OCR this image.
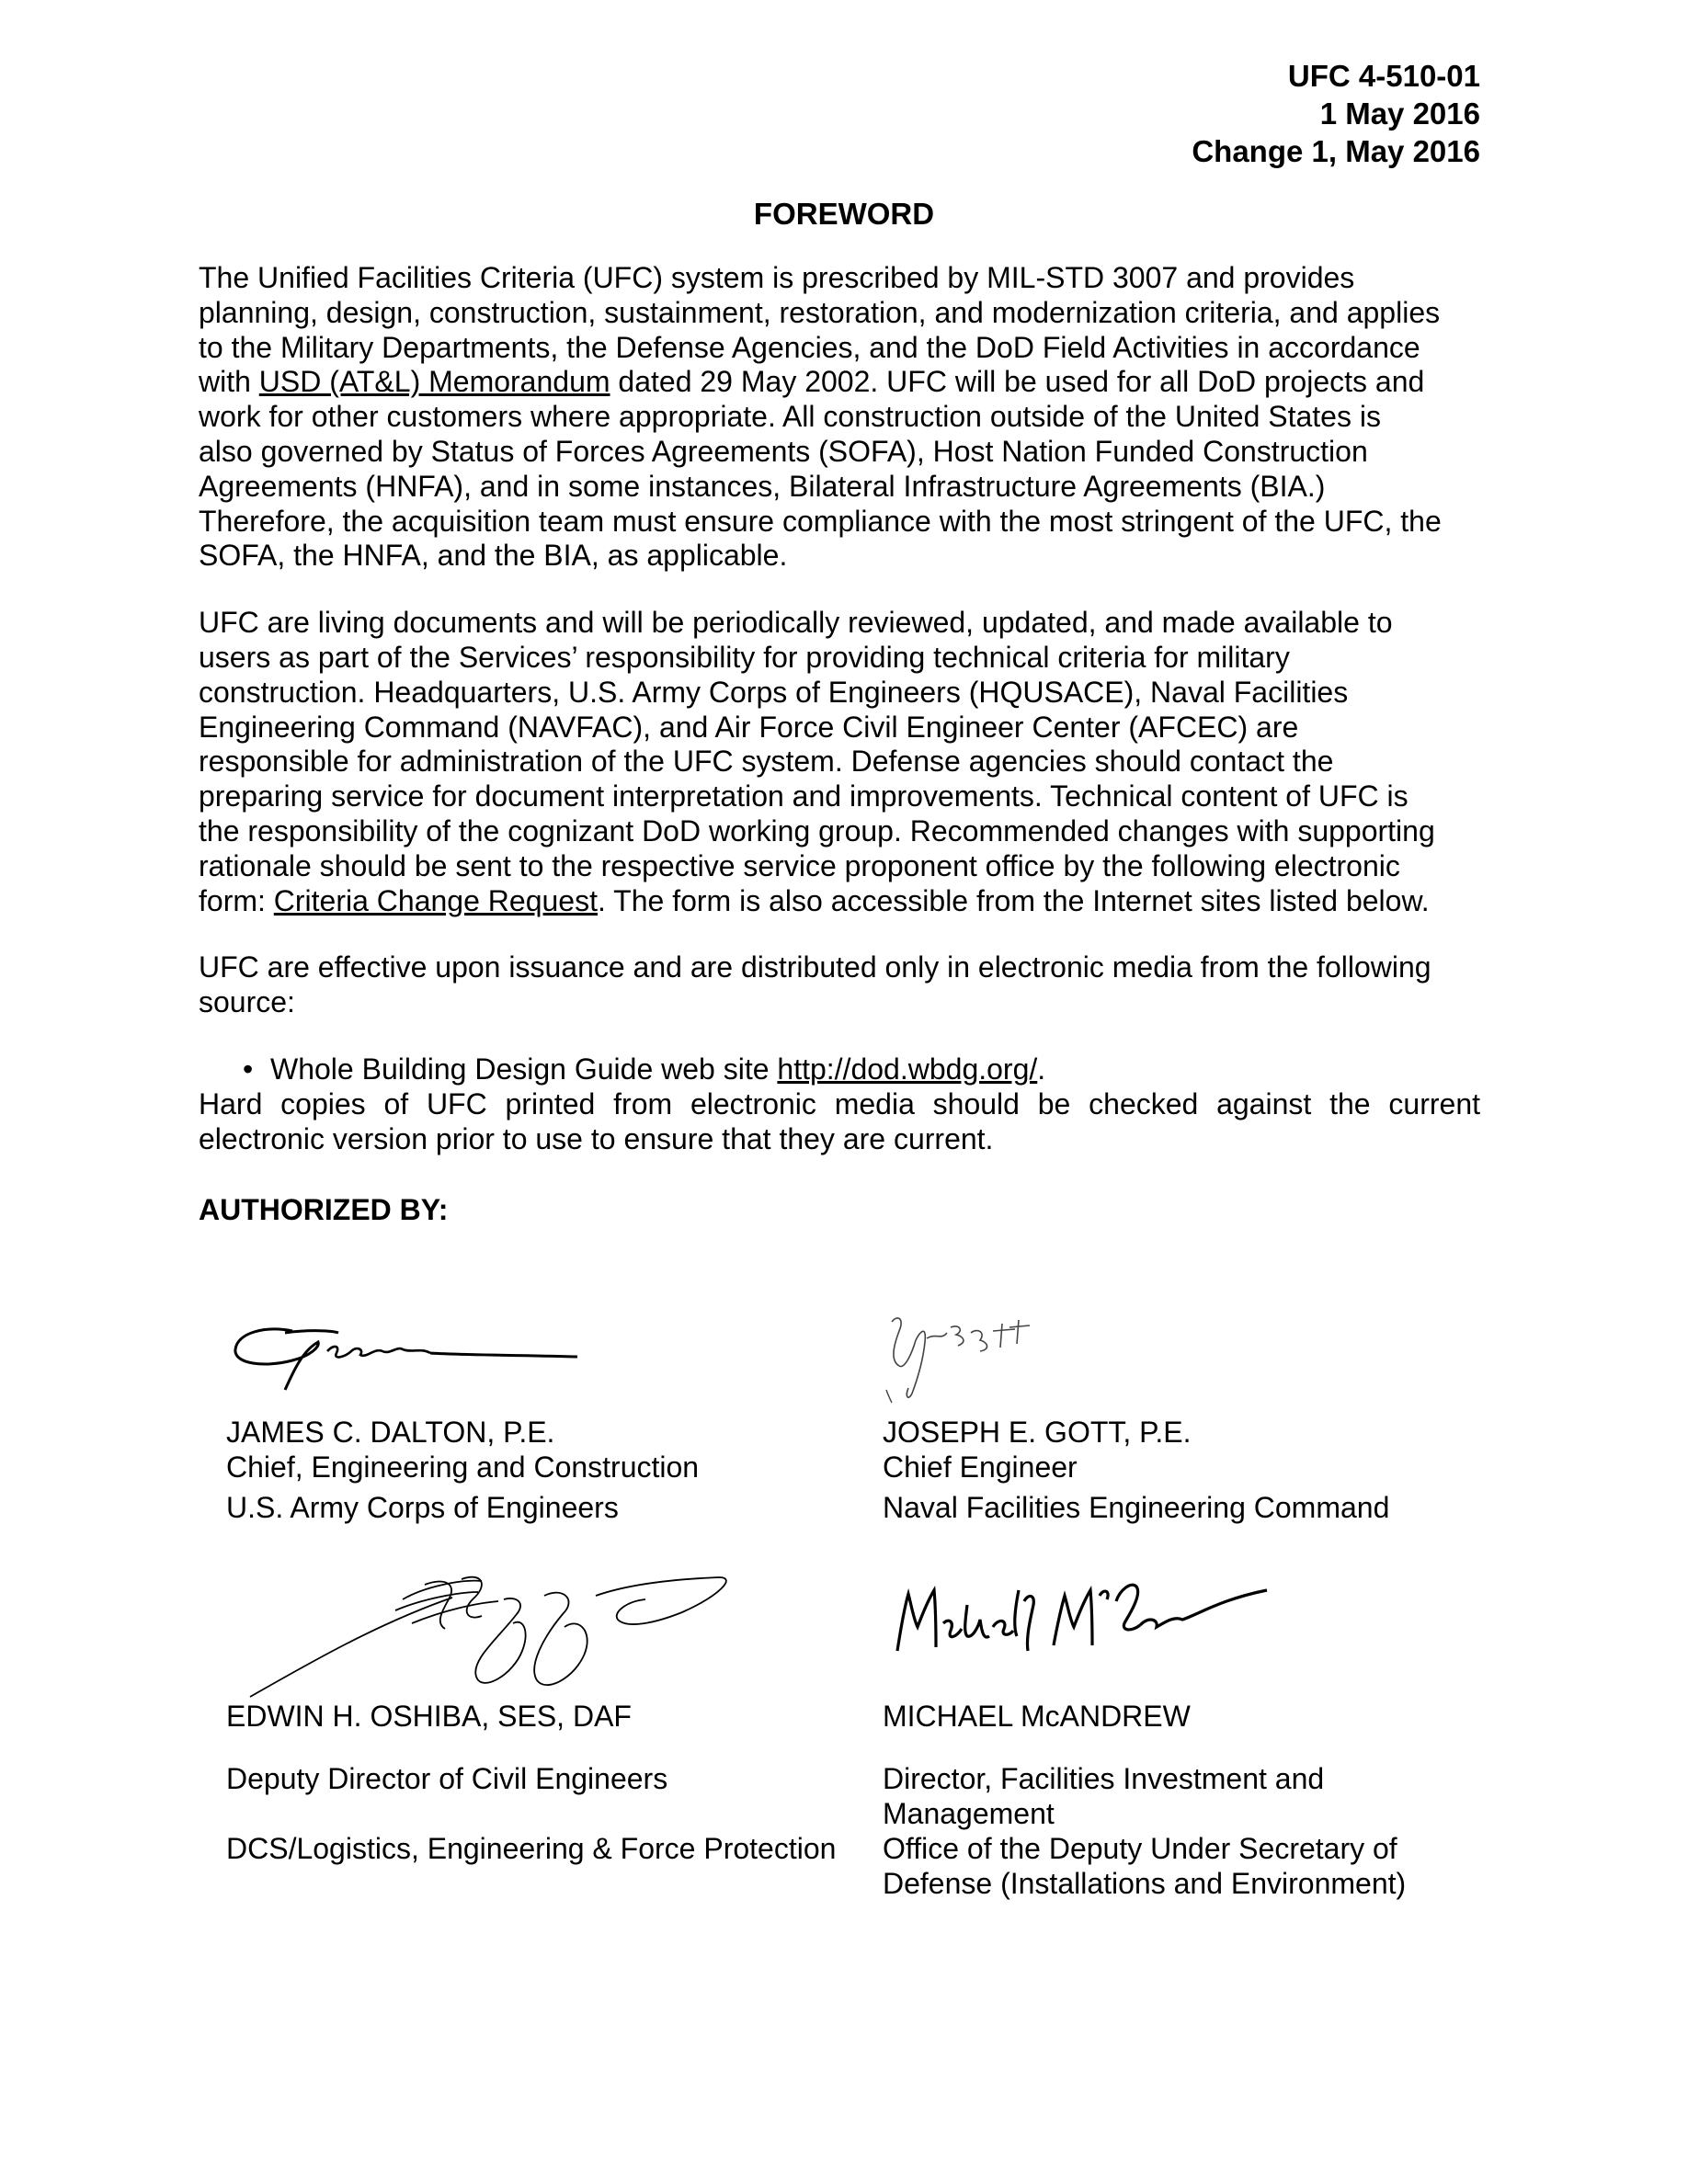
UFC 4-510-01
1 May 2016
Change 1, May 2016
FOREWORD

The Unified Facilities Criteria (UFC) system is prescribed by MIL-STD 3007 and provides

planning, design, construction, sustainment, restoration, and modernization criteria, and applies

to the Military Departments, the Defense Agencies, and the DoD Field Activities in accordance

with USD (AT&L) Memorandum dated 29 May 2002. UFC will be used for all DoD projects and

work for other customers where appropriate. All construction outside of the United States is

also governed by Status of Forces Agreements (SOFA), Host Nation Funded Construction

Agreements (HNFA), and in some instances, Bilateral Infrastructure Agreements (BIA.)

Therefore, the acquisition team must ensure compliance with the most stringent of the UFC, the

SOFA, the HNFA, and the BIA, as applicable.

UFC are living documents and will be periodically reviewed, updated, and made available to

users as part of the Services’ responsibility for providing technical criteria for military

construction. Headquarters, U.S. Army Corps of Engineers (HQUSACE), Naval Facilities

Engineering Command (NAVFAC), and Air Force Civil Engineer Center (AFCEC) are

responsible for administration of the UFC system. Defense agencies should contact the

preparing service for document interpretation and improvements. Technical content of UFC is

the responsibility of the cognizant DoD working group. Recommended changes with supporting

rationale should be sent to the respective service proponent office by the following electronic

form: Criteria Change Request. The form is also accessible from the Internet sites listed below.

UFC are effective upon issuance and are distributed only in electronic media from the following

source:

• Whole Building Design Guide web site http://dod.wbdg.org/.

Hard copies of UFC printed from electronic media should be checked against the current

electronic version prior to use to ensure that they are current.

AUTHORIZED BY:
JAMES C. DALTON, P.E.
Chief, Engineering and Construction
U.S. Army Corps of Engineers
JOSEPH E. GOTT, P.E.
Chief Engineer
Naval Facilities Engineering Command
EDWIN H. OSHIBA, SES, DAF
Deputy Director of Civil Engineers
DCS/Logistics, Engineering & Force Protection
MICHAEL McANDREW
Director, Facilities Investment and
Management
Office of the Deputy Under Secretary of
Defense (Installations and Environment)
